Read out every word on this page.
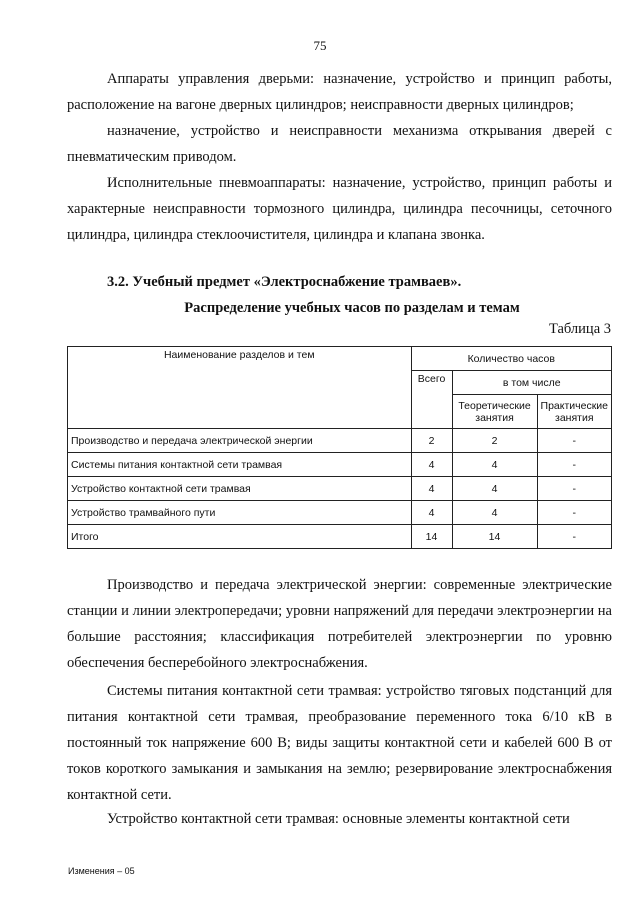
75
Аппараты управления дверьми: назначение, устройство и принцип работы, расположение на вагоне дверных цилиндров; неисправности дверных цилиндров;
назначение, устройство и неисправности механизма открывания дверей с пневматическим приводом.
Исполнительные пневмоаппараты: назначение, устройство, принцип работы и характерные неисправности тормозного цилиндра, цилиндра песочницы, сеточного цилиндра, цилиндра стеклоочистителя, цилиндра и клапана звонка.
3.2. Учебный предмет «Электроснабжение трамваев».
Распределение учебных часов по разделам и темам
Таблица 3
Наименование разделов и тем	Количество часов		
	Всего	в том числе	
		Теоретические занятия	Практические занятия
Производство и передача электрической энергии	2	2	-
Системы питания контактной сети трамвая	4	4	-
Устройство контактной сети трамвая	4	4	-
Устройство трамвайного пути	4	4	-
Итого	14	14	-
Производство и передача электрической энергии: современные электрические станции и линии электропередачи; уровни напряжений для передачи электроэнергии на большие расстояния; классификация потребителей электроэнергии по уровню обеспечения бесперебойного электроснабжения.
Системы питания контактной сети трамвая: устройство тяговых подстанций для питания контактной сети трамвая, преобразование переменного тока 6/10 кВ в постоянный ток напряжение 600 В; виды защиты контактной сети и кабелей 600 В от токов короткого замыкания и замыкания на землю; резервирование электроснабжения контактной сети.
Устройство контактной сети трамвая: основные элементы контактной сети
Изменения – 05
